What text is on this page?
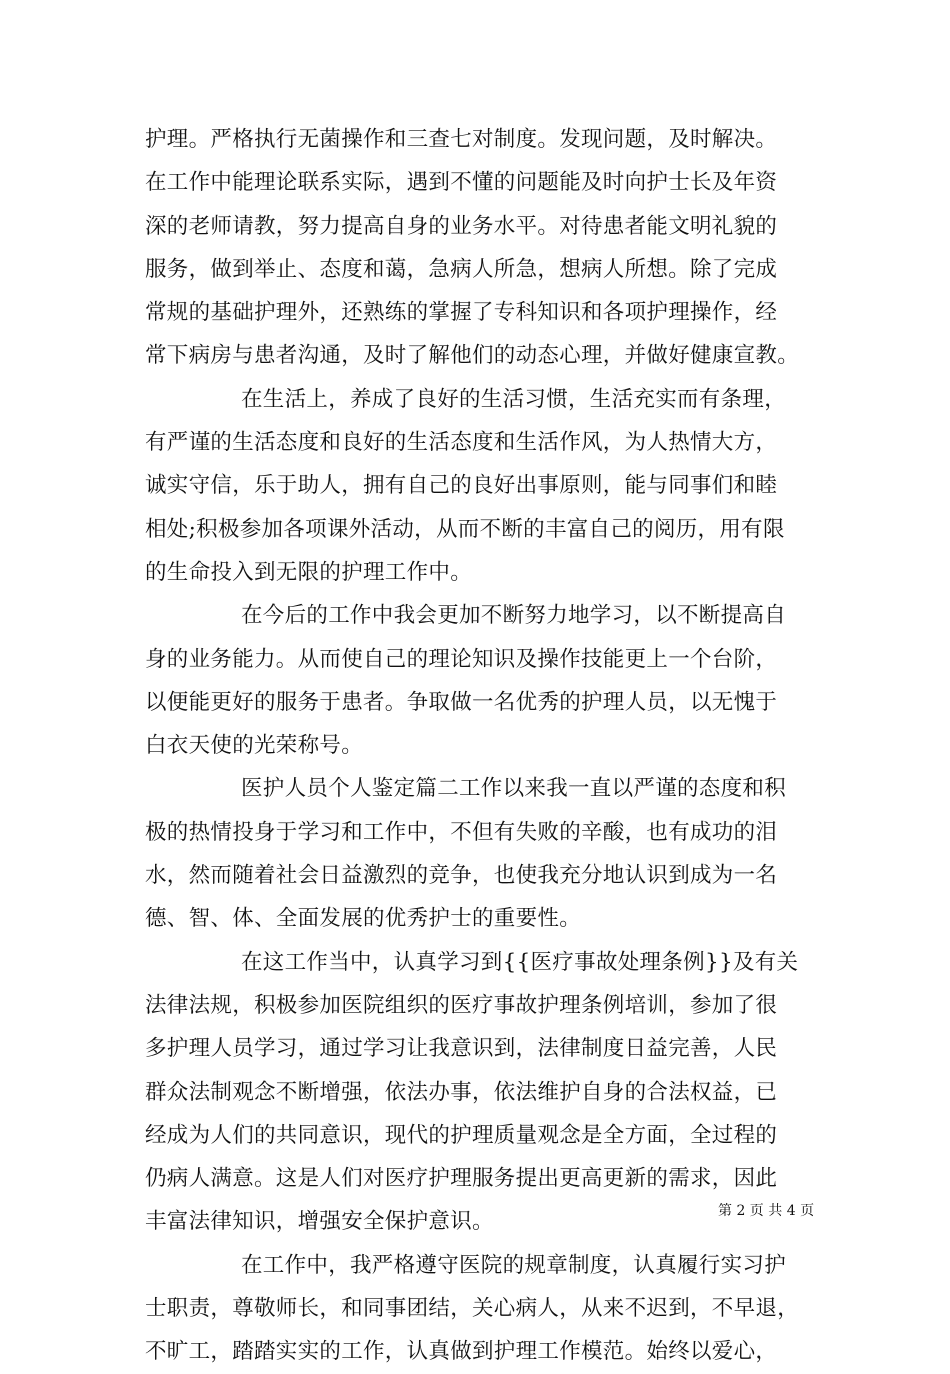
护理。严格执行无菌操作和三查七对制度。发现问题，及时解决。
在工作中能理论联系实际，遇到不懂的问题能及时向护士长及年资
深的老师请教，努力提高自身的业务水平。对待患者能文明礼貌的
服务，做到举止、态度和蔼，急病人所急，想病人所想。除了完成
常规的基础护理外，还熟练的掌握了专科知识和各项护理操作，经
常下病房与患者沟通，及时了解他们的动态心理，并做好健康宣教。
在生活上，养成了良好的生活习惯，生活充实而有条理，
有严谨的生活态度和良好的生活态度和生活作风，为人热情大方，
诚实守信，乐于助人，拥有自己的良好出事原则，能与同事们和睦
相处;积极参加各项课外活动，从而不断的丰富自己的阅历，用有限
的生命投入到无限的护理工作中。
在今后的工作中我会更加不断努力地学习，以不断提高自
身的业务能力。从而使自己的理论知识及操作技能更上一个台阶，
以便能更好的服务于患者。争取做一名优秀的护理人员，以无愧于
白衣天使的光荣称号。
医护人员个人鉴定篇二工作以来我一直以严谨的态度和积
极的热情投身于学习和工作中，不但有失败的辛酸，也有成功的泪
水，然而随着社会日益激烈的竞争，也使我充分地认识到成为一名
德、智、体、全面发展的优秀护士的重要性。
在这工作当中，认真学习到{{医疗事故处理条例}}及有关
法律法规，积极参加医院组织的医疗事故护理条例培训，参加了很
多护理人员学习，通过学习让我意识到，法律制度日益完善，人民
群众法制观念不断增强，依法办事，依法维护自身的合法权益，已
经成为人们的共同意识，现代的护理质量观念是全方面，全过程的
仍病人满意。这是人们对医疗护理服务提出更高更新的需求，因此
丰富法律知识，增强安全保护意识。
在工作中，我严格遵守医院的规章制度，认真履行实习护
士职责，尊敬师长，和同事团结，关心病人，从来不迟到，不早退，
不旷工，踏踏实实的工作，认真做到护理工作模范。始终以爱心，
第 2 页 共 4 页
